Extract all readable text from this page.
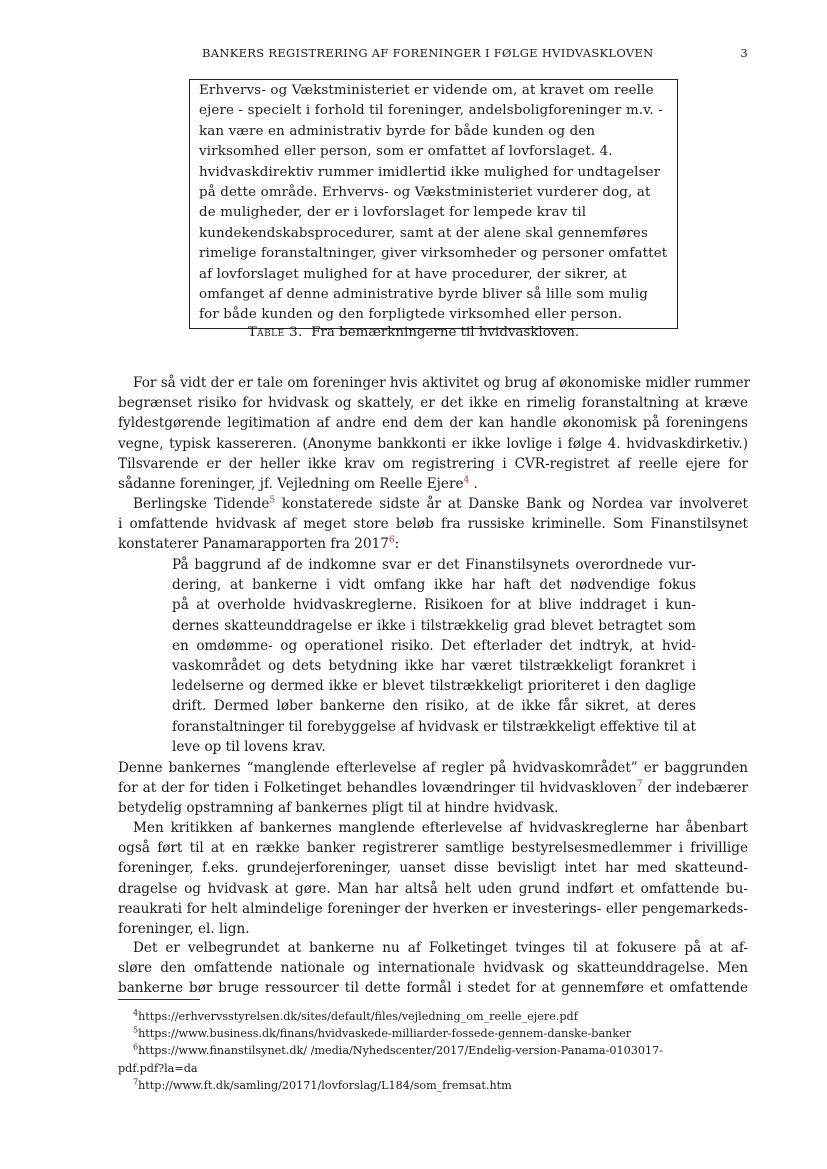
BANKERS REGISTRERING AF FORENINGER I FØLGE HVIDVASKLOVEN	3
Erhvervs- og Vækstministeriet er vidende om, at kravet om reelle
ejere - specielt i forhold til foreninger, andelsboligforeninger m.v. -
kan være en administrativ byrde for både kunden og den
virksomhed eller person, som er omfattet af lovforslaget. 4.
hvidvaskdirektiv rummer imidlertid ikke mulighed for undtagelser
på dette område. Erhvervs- og Vækstministeriet vurderer dog, at
de muligheder, der er i lovforslaget for lempede krav til
kundekendskabsprocedurer, samt at der alene skal gennemføres
rimelige foranstaltninger, giver virksomheder og personer omfattet
af lovforslaget mulighed for at have procedurer, der sikrer, at
omfanget af denne administrative byrde bliver så lille som mulig
for både kunden og den forpligtede virksomhed eller person.
Table 3. Fra bemærkningerne til hvidvaskloven.
For så vidt der er tale om foreninger hvis aktivitet og brug af økonomiske midler rummer
begrænset risiko for hvidvask og skattely, er det ikke en rimelig foranstaltning at kræve
fyldestgørende legitimation af andre end dem der kan handle økonomisk på foreningens
vegne, typisk kassereren. (Anonyme bankkonti er ikke lovlige i følge 4. hvidvaskdirketiv.)
Tilsvarende er der heller ikke krav om registrering i CVR-registret af reelle ejere for
sådanne foreninger, jf. Vejledning om Reelle Ejere$^4$ .
Berlingske Tidende$^5$ konstaterede sidste år at Danske Bank og Nordea var involveret
i omfattende hvidvask af meget store beløb fra russiske kriminelle. Som Finanstilsynet
konstaterer Panamarapporten fra 2017$^6$:
På baggrund af de indkomne svar er det Finanstilsynets overordnede vur-
dering, at bankerne i vidt omfang ikke har haft det nødvendige fokus
på at overholde hvidvaskreglerne. Risikoen for at blive inddraget i kun-
dernes skatteunddragelse er ikke i tilstrækkelig grad blevet betragtet som
en omdømme- og operationel risiko. Det efterlader det indtryk, at hvid-
vaskområdet og dets betydning ikke har været tilstrækkeligt forankret i
ledelserne og dermed ikke er blevet tilstrækkeligt prioriteret i den daglige
drift. Dermed løber bankerne den risiko, at de ikke får sikret, at deres
foranstaltninger til forebyggelse af hvidvask er tilstrækkeligt effektive til at
leve op til lovens krav.
Denne bankernes “manglende efterlevelse af regler på hvidvaskområdet” er baggrunden
for at der for tiden i Folketinget behandles lovændringer til hvidvaskloven$^7$ der indebærer
betydelig opstramning af bankernes pligt til at hindre hvidvask.
Men kritikken af bankernes manglende efterlevelse af hvidvaskreglerne har åbenbart
også ført til at en række banker registrerer samtlige bestyrelsesmedlemmer i frivillige
foreninger, f.eks. grundejerforeninger, uanset disse bevisligt intet har med skatteund-
dragelse og hvidvask at gøre. Man har altså helt uden grund indført et omfattende bu-
reaukrati for helt almindelige foreninger der hverken er investerings- eller pengemarkeds-
foreninger, el. lign.
Det er velbegrundet at bankerne nu af Folketinget tvinges til at fokusere på at af-
sløre den omfattende nationale og internationale hvidvask og skatteunddragelse. Men
bankerne bør bruge ressourcer til dette formål i stedet for at gennemføre et omfattende
$^4$https://erhvervsstyrelsen.dk/sites/default/files/vejledning_om_reelle_ejere.pdf
$^5$https://www.business.dk/finans/hvidvaskede-milliarder-fossede-gennem-danske-banker
$^6$https://www.finanstilsynet.dk/ /media/Nyhedscenter/2017/Endelig-version-Panama-0103017-
pdf.pdf?la=da
$^7$http://www.ft.dk/samling/20171/lovforslag/L184/som_fremsat.htm
